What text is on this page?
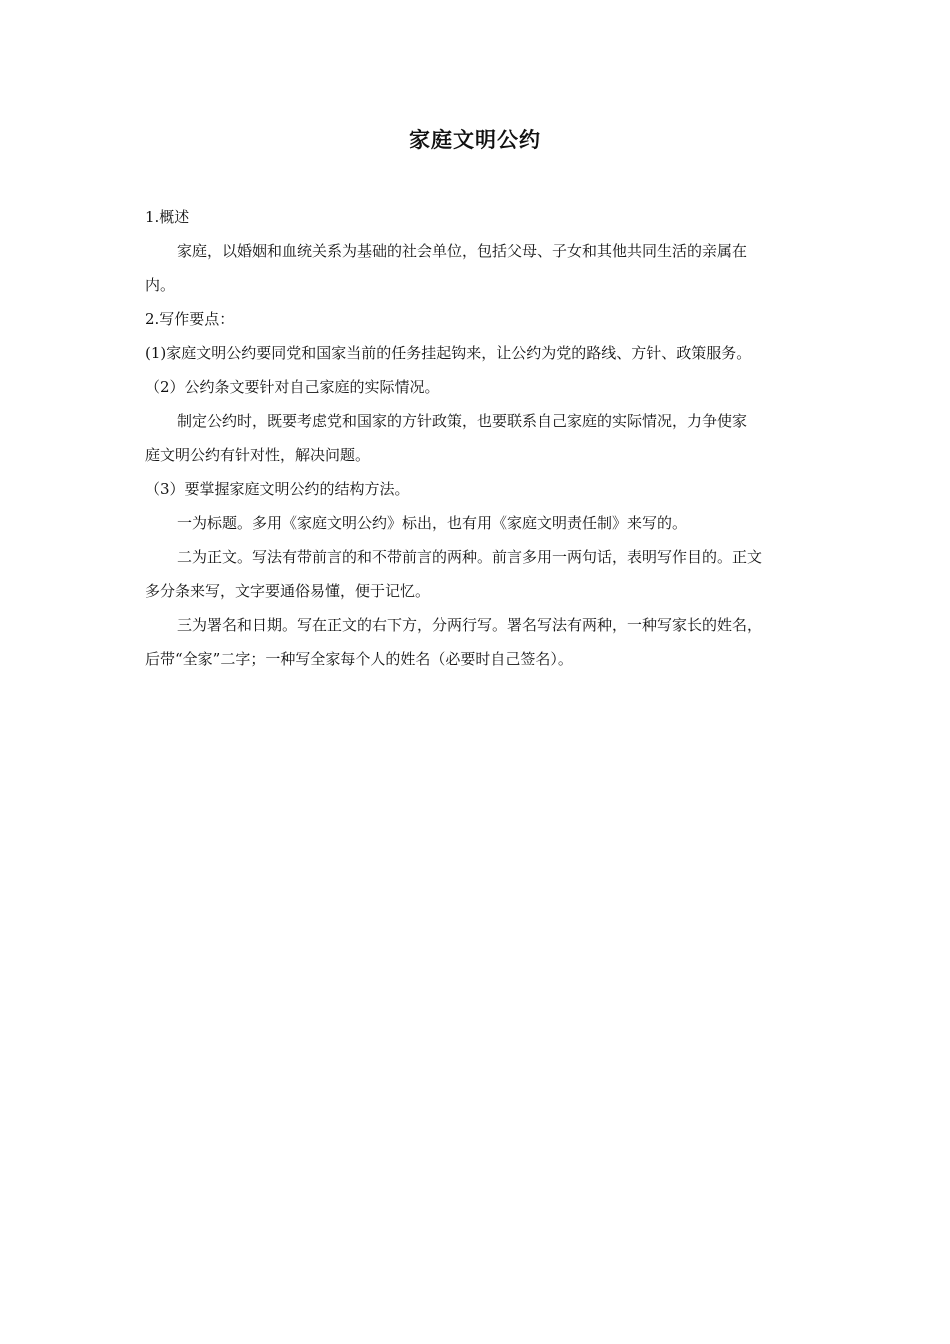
家庭文明公约
1.概述
家庭，以婚姻和血统关系为基础的社会单位，包括父母、子女和其他共同生活的亲属在
内。
2.写作要点：
(1)家庭文明公约要同党和国家当前的任务挂起钩来，让公约为党的路线、方针、政策服务。
（2）公约条文要针对自己家庭的实际情况。
制定公约时，既要考虑党和国家的方针政策，也要联系自己家庭的实际情况，力争使家
庭文明公约有针对性，解决问题。
（3）要掌握家庭文明公约的结构方法。
一为标题。多用《家庭文明公约》标出，也有用《家庭文明责任制》来写的。
二为正文。写法有带前言的和不带前言的两种。前言多用一两句话，表明写作目的。正文
多分条来写，文字要通俗易懂，便于记忆。
三为署名和日期。写在正文的右下方，分两行写。署名写法有两种，一种写家长的姓名，
后带“全家”二字；一种写全家每个人的姓名（必要时自己签名）。
